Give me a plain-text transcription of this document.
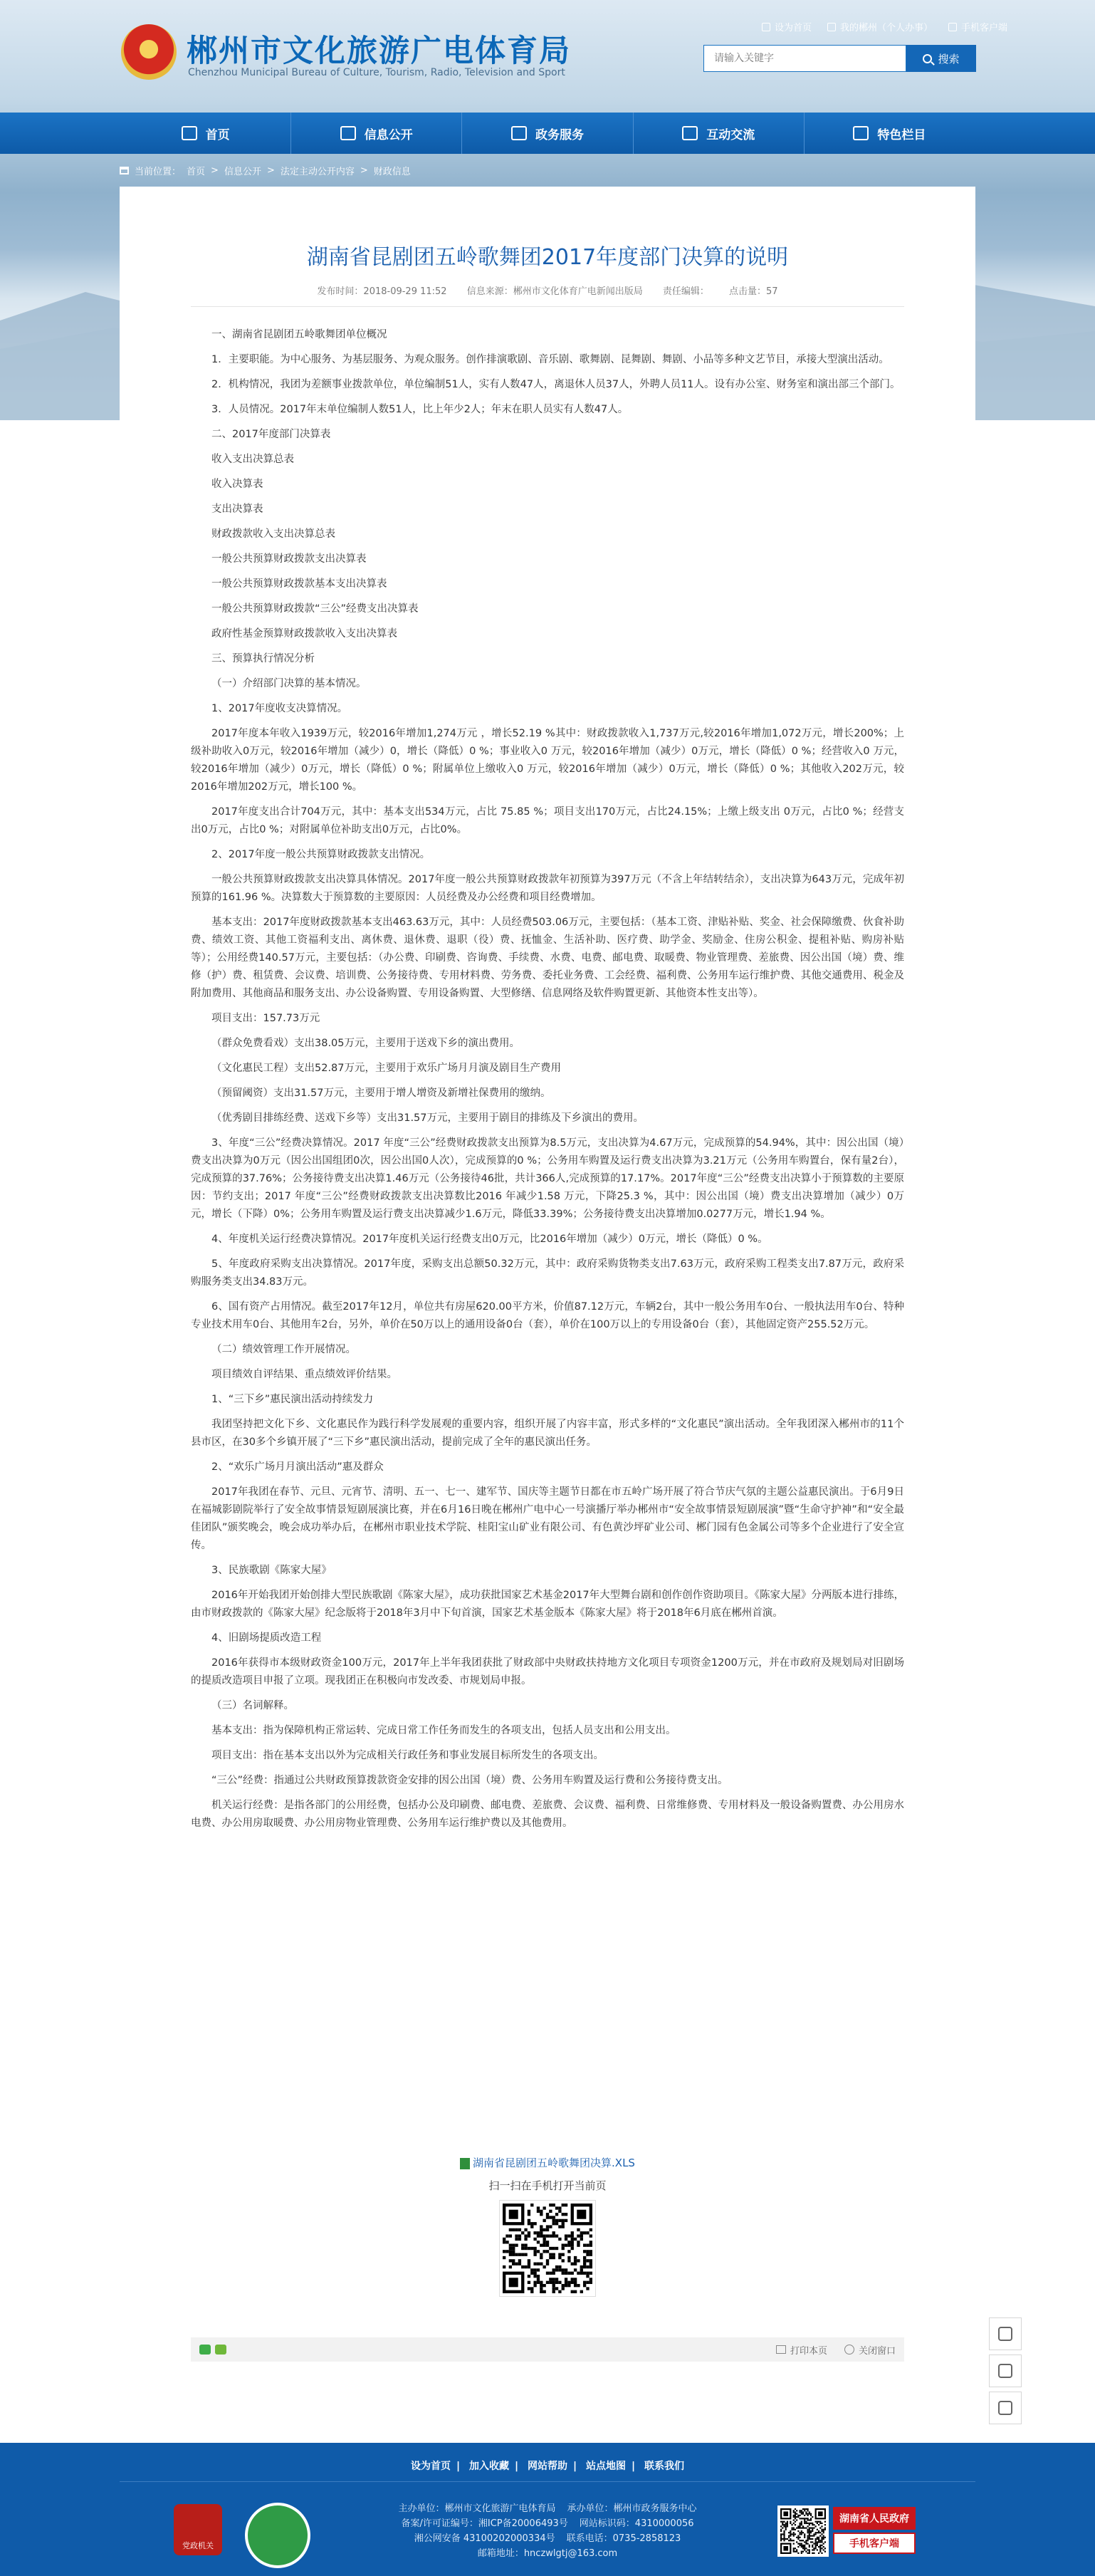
郴州市文化旅游广电体育局
Chenzhou Municipal Bureau of Culture, Tourism, Radio, Television and Sport
设为首页	我的郴州（个人办事）	手机客户端
请输入关键字
搜索
首页	信息公开	政务服务	互动交流	特色栏目
当前位置： 首页 > 信息公开 > 法定主动公开内容 > 财政信息
湖南省昆剧团五岭歌舞团2017年度部门决算的说明
发布时间：2018-09-29 11:52 信息来源：郴州市文化体育广电新闻出版局 责任编辑： 点击量：57

一、湖南省昆剧团五岭歌舞团单位概况

1．主要职能。为中心服务、为基层服务、为观众服务。创作排演歌剧、音乐剧、歌舞剧、昆舞剧、舞剧、小品等多种文艺节目，承接大型演出活动。

2．机构情况，我团为差额事业拨款单位，单位编制51人，实有人数47人，离退休人员37人，外聘人员11人。设有办公室、财务室和演出部三个部门。

3．人员情况。2017年末单位编制人数51人，比上年少2人；年末在职人员实有人数47人。

二、2017年度部门决算表

收入支出决算总表

收入决算表

支出决算表

财政拨款收入支出决算总表

一般公共预算财政拨款支出决算表

一般公共预算财政拨款基本支出决算表

一般公共预算财政拨款“三公”经费支出决算表

政府性基金预算财政拨款收入支出决算表

三、预算执行情况分析

（一）介绍部门决算的基本情况。

1、2017年度收支决算情况。

2017年度本年收入1939万元，较2016年增加1,274万元 ，增长52.19 %其中：财政拨款收入1,737万元,较2016年增加1,072万元，增长200%；上级补助收入0万元，较2016年增加（减少）0，增长（降低）0 %；事业收入0 万元，较2016年增加（减少）0万元，增长（降低）0 %；经营收入0 万元，较2016年增加（减少）0万元，增长（降低）0 %；附属单位上缴收入0 万元，较2016年增加（减少）0万元，增长（降低）0 %；其他收入202万元，较2016年增加202万元，增长100 %。

2017年度支出合计704万元，其中：基本支出534万元，占比 75.85 %；项目支出170万元，占比24.15%；上缴上级支出 0万元，占比0 %；经营支出0万元，占比0 %；对附属单位补助支出0万元，占比0%。

2、2017年度一般公共预算财政拨款支出情况。

一般公共预算财政拨款支出决算具体情况。2017年度一般公共预算财政拨款年初预算为397万元（不含上年结转结余），支出决算为643万元，完成年初预算的161.96 %。决算数大于预算数的主要原因：人员经费及办公经费和项目经费增加。

基本支出：2017年度财政拨款基本支出463.63万元，其中：人员经费503.06万元，主要包括：（基本工资、津贴补贴、奖金、社会保障缴费、伙食补助费、绩效工资、其他工资福利支出、离休费、退休费、退职（役）费、抚恤金、生活补助、医疗费、助学金、奖励金、住房公积金、提租补贴、购房补贴等）；公用经费140.57万元，主要包括：（办公费、印刷费、咨询费、手续费、水费、电费、邮电费、取暖费、物业管理费、差旅费、因公出国（境）费、维修（护）费、租赁费、会议费、培训费、公务接待费、专用材料费、劳务费、委托业务费、工会经费、福利费、公务用车运行维护费、其他交通费用、税金及附加费用、其他商品和服务支出、办公设备购置、专用设备购置、大型修缮、信息网络及软件购置更新、其他资本性支出等）。

项目支出：157.73万元

（群众免费看戏）支出38.05万元，主要用于送戏下乡的演出费用。

（文化惠民工程）支出52.87万元，主要用于欢乐广场月月演及剧目生产费用

（预留阈资）支出31.57万元，主要用于增人增资及新增社保费用的缴纳。

（优秀剧目排练经费、送戏下乡等）支出31.57万元，主要用于剧目的排练及下乡演出的费用。

3、年度“三公”经费决算情况。2017 年度“三公”经费财政拨款支出预算为8.5万元，支出决算为4.67万元，完成预算的54.94%，其中：因公出国（境）费支出决算为0万元（因公出国组团0次，因公出国0人次），完成预算的0 %；公务用车购置及运行费支出决算为3.21万元（公务用车购置台，保有量2台），完成预算的37.76%；公务接待费支出决算1.46万元（公务接待46批，共计366人,完成预算的17.17%。2017年度“三公”经费支出决算小于预算数的主要原因：节约支出；2017 年度“三公”经费财政拨款支出决算数比2016 年减少1.58 万元，下降25.3 %，其中：因公出国（境）费支出决算增加（减少）0万元，增长（下降）0%；公务用车购置及运行费支出决算减少1.6万元，降低33.39%；公务接待费支出决算增加0.0277万元，增长1.94 %。

4、年度机关运行经费决算情况。2017年度机关运行经费支出0万元，比2016年增加（减少）0万元，增长（降低）0 %。

5、年度政府采购支出决算情况。2017年度，采购支出总额50.32万元，其中：政府采购货物类支出7.63万元，政府采购工程类支出7.87万元，政府采购服务类支出34.83万元。

6、国有资产占用情况。截至2017年12月，单位共有房屋620.00平方米，价值87.12万元，车辆2台，其中一般公务用车0台、一般执法用车0台、特种专业技术用车0台、其他用车2台，另外，单价在50万以上的通用设备0台（套），单价在100万以上的专用设备0台（套），其他固定资产255.52万元。

（二）绩效管理工作开展情况。

项目绩效自评结果、重点绩效评价结果。

1、“三下乡”惠民演出活动持续发力

我团坚持把文化下乡、文化惠民作为践行科学发展观的重要内容，组织开展了内容丰富，形式多样的“文化惠民”演出活动。全年我团深入郴州市的11个县市区，在30多个乡镇开展了“三下乡”惠民演出活动，提前完成了全年的惠民演出任务。

2、“欢乐广场月月演出活动”惠及群众

2017年我团在春节、元旦、元宵节、清明、五一、七一、建军节、国庆等主题节日都在市五岭广场开展了符合节庆气氛的主题公益惠民演出。于6月9日在福城影剧院举行了安全故事情景短剧展演比赛，并在6月16日晚在郴州广电中心一号演播厅举办郴州市“安全故事情景短剧展演”暨“生命守护神”和“安全最佳团队”颁奖晚会，晚会成功举办后，在郴州市职业技术学院、桂阳宝山矿业有限公司、有色黄沙坪矿业公司、郴门园有色金属公司等多个企业进行了安全宣传。

3、民族歌剧《陈家大屋》

2016年开始我团开始创排大型民族歌剧《陈家大屋》，成功获批国家艺术基金2017年大型舞台剧和创作创作资助项目。《陈家大屋》分两版本进行排练，由市财政拨款的《陈家大屋》纪念版将于2018年3月中下旬首演，国家艺术基金版本《陈家大屋》将于2018年6月底在郴州首演。

4、旧剧场提质改造工程

2016年获得市本级财政资金100万元，2017年上半年我团获批了财政部中央财政扶持地方文化项目专项资金1200万元，并在市政府及规划局对旧剧场的提质改造项目申报了立项。现我团正在积极向市发改委、市规划局申报。

（三）名词解释。

基本支出：指为保障机构正常运转、完成日常工作任务而发生的各项支出，包括人员支出和公用支出。

项目支出：指在基本支出以外为完成相关行政任务和事业发展目标所发生的各项支出。

“三公”经费：指通过公共财政预算拨款资金安排的因公出国（境）费、公务用车购置及运行费和公务接待费支出。

机关运行经费：是指各部门的公用经费，包括办公及印刷费、邮电费、差旅费、会议费、福利费、日常维修费、专用材料及一般设备购置费、办公用房水电费、办公用房取暖费、办公用房物业管理费、公务用车运行维护费以及其他费用。

湖南省昆剧团五岭歌舞团决算.XLS
扫一扫在手机打开当前页
打印本页	关闭窗口
设为首页 | 加入收藏 | 网站帮助 | 站点地图 | 联系我们
党政机关
主办单位：郴州市文化旅游广电体育局 承办单位：郴州市政务服务中心
备案/许可证编号：湘ICP备20006493号 网站标识码：4310000056
湘公网安备 43100202000334号 联系电话：0735-2858123
邮箱地址：hnczwlgtj@163.com
湖南省人民政府
手机客户端
